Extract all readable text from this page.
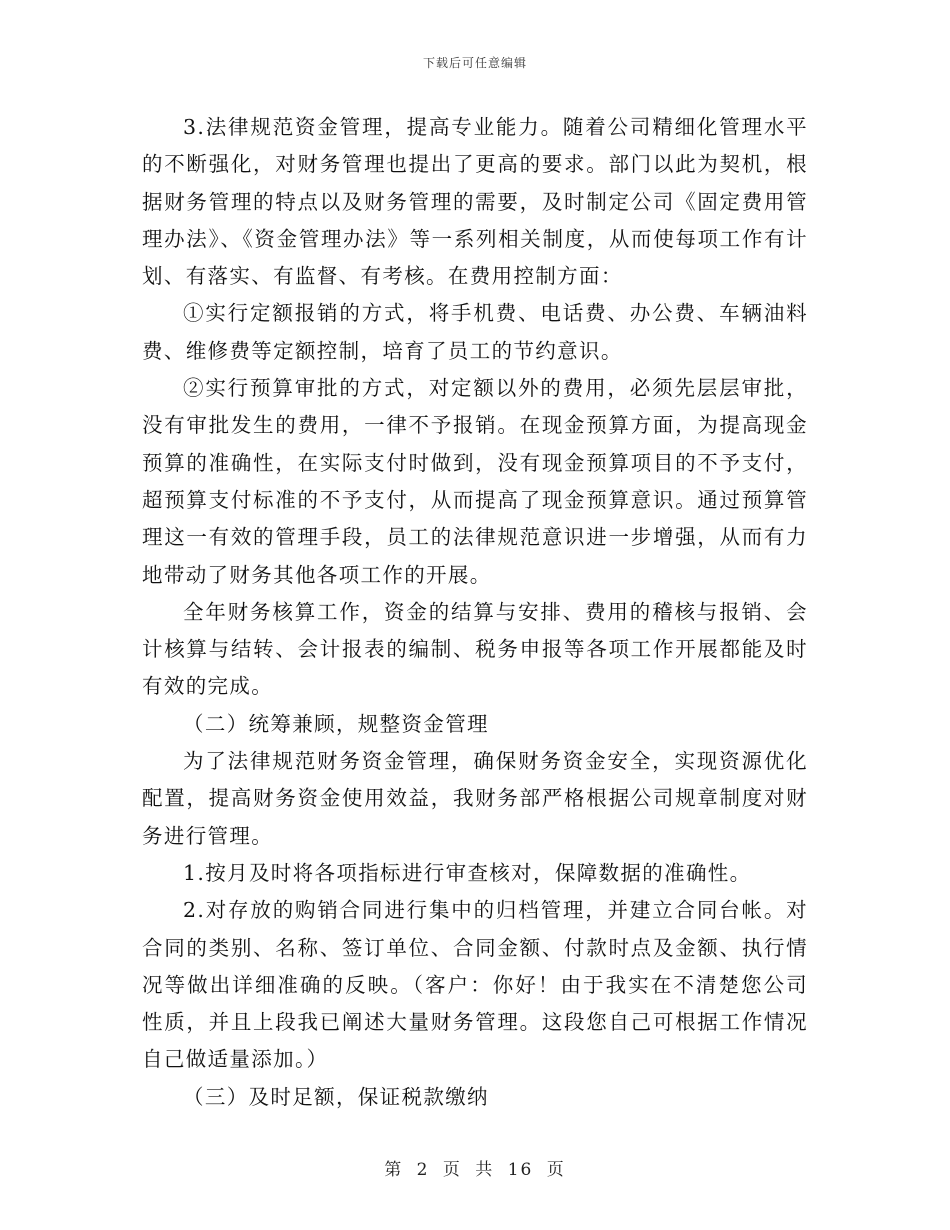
下载后可任意编辑

3.法律规范资金管理，提高专业能力。随着公司精细化管理水平的不断强化，对财务管理也提出了更高的要求。部门以此为契机，根据财务管理的特点以及财务管理的需要，及时制定公司《固定费用管理办法》、《资金管理办法》等一系列相关制度，从而使每项工作有计划、有落实、有监督、有考核。在费用控制方面：

①实行定额报销的方式，将手机费、电话费、办公费、车辆油料费、维修费等定额控制，培育了员工的节约意识。

②实行预算审批的方式，对定额以外的费用，必须先层层审批，没有审批发生的费用，一律不予报销。在现金预算方面，为提高现金预算的准确性，在实际支付时做到，没有现金预算项目的不予支付，超预算支付标准的不予支付，从而提高了现金预算意识。通过预算管理这一有效的管理手段，员工的法律规范意识进一步增强，从而有力地带动了财务其他各项工作的开展。

全年财务核算工作，资金的结算与安排、费用的稽核与报销、会计核算与结转、会计报表的编制、税务申报等各项工作开展都能及时有效的完成。

（二）统筹兼顾，规整资金管理

为了法律规范财务资金管理，确保财务资金安全，实现资源优化配置，提高财务资金使用效益，我财务部严格根据公司规章制度对财务进行管理。

1.按月及时将各项指标进行审查核对，保障数据的准确性。

2.对存放的购销合同进行集中的归档管理，并建立合同台帐。对合同的类别、名称、签订单位、合同金额、付款时点及金额、执行情况等做出详细准确的反映。（客户：你好！由于我实在不清楚您公司性质，并且上段我已阐述大量财务管理。这段您自己可根据工作情况自己做适量添加。）

（三）及时足额，保证税款缴纳

第 2 页 共 16 页
